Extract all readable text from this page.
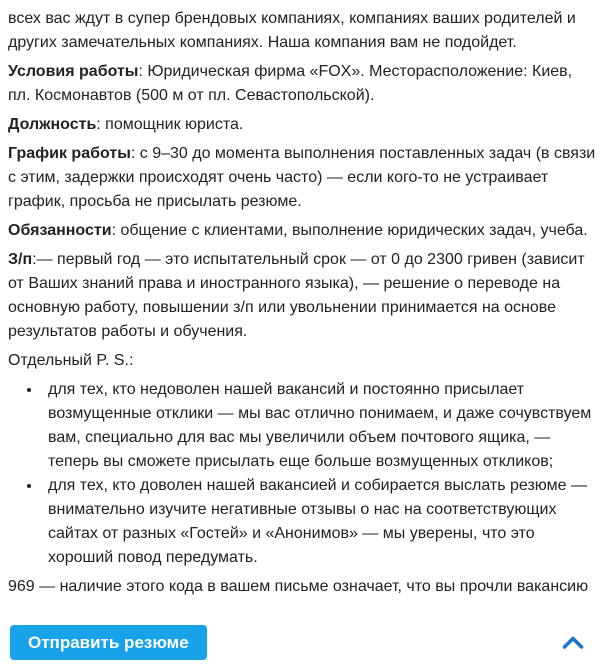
всех вас ждут в супер брендовых компаниях, компаниях ваших родителей и других замечательных компаниях. Наша компания вам не подойдет.

Условия работы: Юридическая фирма «FOX». Месторасположение: Киев, пл. Космонавтов (500 м от пл. Севастопольской).

Должность: помощник юриста.

График работы: с 9–30 до момента выполнения поставленных задач (в связи с этим, задержки происходят очень часто) — если кого-то не устраивает график, просьба не присылать резюме.

Обязанности: общение с клиентами, выполнение юридических задач, учеба.

З/п:— первый год — это испытательный срок — от 0 до 2300 гривен (зависит от Ваших знаний права и иностранного языка), — решение о переводе на основную работу, повышении з/п или увольнении принимается на основе результатов работы и обучения.

Отдельный P. S.:

• для тех, кто недоволен нашей вакансий и постоянно присылает возмущенные отклики — мы вас отлично понимаем, и даже сочувствуем вам, специально для вас мы увеличили объем почтового ящика, — теперь вы сможете присылать еще больше возмущенных откликов;
• для тех, кто доволен нашей вакансией и собирается выслать резюме — внимательно изучите негативные отзывы о нас на соответствующих сайтах от разных «Гостей» и «Анонимов» — мы уверены, что это хороший повод передумать.

969 — наличие этого кода в вашем письме означает, что вы прочли вакансию

Отправить резюме
